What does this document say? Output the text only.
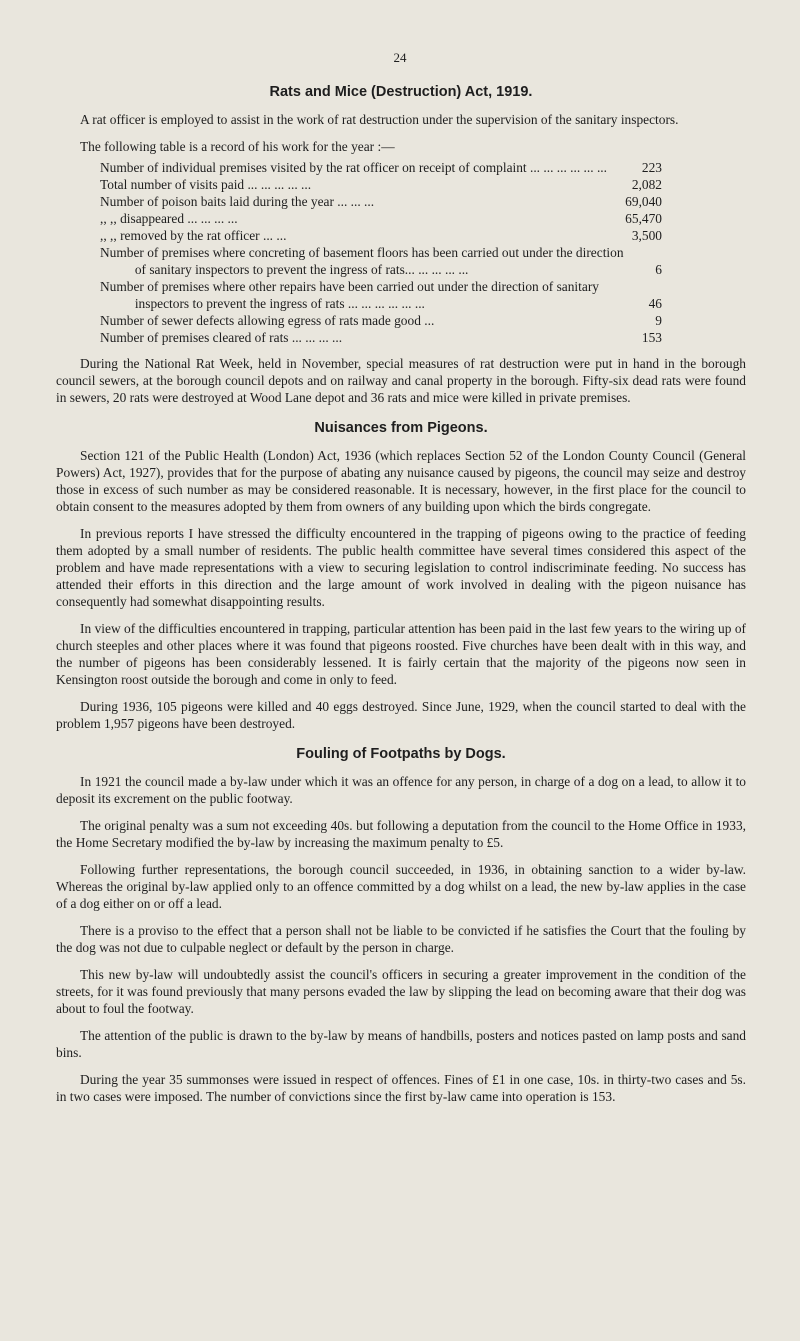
24
Rats and Mice (Destruction) Act, 1919.

A rat officer is employed to assist in the work of rat destruction under the supervision of the sanitary inspectors.

The following table is a record of his work for the year :—

Number of individual premises visited by the rat officer on receipt of complaint ... ... ... ... ... ...	223
Total number of visits paid ... ... ... ... ...	2,082
Number of poison baits laid during the year ... ... ...	69,040
,, ,, disappeared ... ... ... ...	65,470
,, ,, removed by the rat officer ... ...	3,500
Number of premises where concreting of basement floors has been carried out under the direction of sanitary inspectors to prevent the ingress of rats... ... ... ... ...	6
Number of premises where other repairs have been carried out under the direction of sanitary inspectors to prevent the ingress of rats ... ... ... ... ... ...	46
Number of sewer defects allowing egress of rats made good ...	9
Number of premises cleared of rats ... ... ... ...	153

During the National Rat Week, held in November, special measures of rat destruction were put in hand in the borough council sewers, at the borough council depots and on railway and canal property in the borough. Fifty-six dead rats were found in sewers, 20 rats were destroyed at Wood Lane depot and 36 rats and mice were killed in private premises.

Nuisances from Pigeons.

Section 121 of the Public Health (London) Act, 1936 (which replaces Section 52 of the London County Council (General Powers) Act, 1927), provides that for the purpose of abating any nuisance caused by pigeons, the council may seize and destroy those in excess of such number as may be considered reasonable. It is necessary, however, in the first place for the council to obtain consent to the measures adopted by them from owners of any building upon which the birds congregate.

In previous reports I have stressed the difficulty encountered in the trapping of pigeons owing to the practice of feeding them adopted by a small number of residents. The public health committee have several times considered this aspect of the problem and have made representations with a view to securing legislation to control indiscriminate feeding. No success has attended their efforts in this direction and the large amount of work involved in dealing with the pigeon nuisance has consequently had somewhat disappointing results.

In view of the difficulties encountered in trapping, particular attention has been paid in the last few years to the wiring up of church steeples and other places where it was found that pigeons roosted. Five churches have been dealt with in this way, and the number of pigeons has been considerably lessened. It is fairly certain that the majority of the pigeons now seen in Kensington roost outside the borough and come in only to feed.

During 1936, 105 pigeons were killed and 40 eggs destroyed. Since June, 1929, when the council started to deal with the problem 1,957 pigeons have been destroyed.

Fouling of Footpaths by Dogs.

In 1921 the council made a by-law under which it was an offence for any person, in charge of a dog on a lead, to allow it to deposit its excrement on the public footway.

The original penalty was a sum not exceeding 40s. but following a deputation from the council to the Home Office in 1933, the Home Secretary modified the by-law by increasing the maximum penalty to £5.

Following further representations, the borough council succeeded, in 1936, in obtaining sanction to a wider by-law. Whereas the original by-law applied only to an offence committed by a dog whilst on a lead, the new by-law applies in the case of a dog either on or off a lead.

There is a proviso to the effect that a person shall not be liable to be convicted if he satisfies the Court that the fouling by the dog was not due to culpable neglect or default by the person in charge.

This new by-law will undoubtedly assist the council's officers in securing a greater improvement in the condition of the streets, for it was found previously that many persons evaded the law by slipping the lead on becoming aware that their dog was about to foul the footway.

The attention of the public is drawn to the by-law by means of handbills, posters and notices pasted on lamp posts and sand bins.

During the year 35 summonses were issued in respect of offences. Fines of £1 in one case, 10s. in thirty-two cases and 5s. in two cases were imposed. The number of convictions since the first by-law came into operation is 153.
